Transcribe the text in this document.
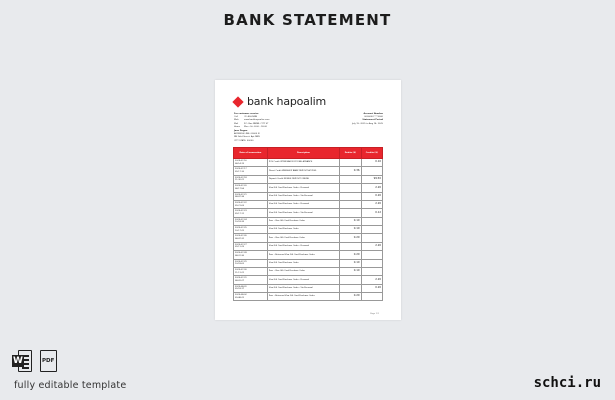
BANK STATEMENT
bank hapoalim
For customer service
Call	(1)-800-NNN
Web	www.bankhapoalim.com
Mail	P.O. Box NNNN, CITY ST
Hours Mon - Fri, 8:00 - 18:00
Jane Dugan
ADDRESS LINE, 00000 N
NN Field Street, Apt NNN
CITY STATE, 00000
Account Number
0000000****0000
Statement Period
July 15, 2025 to Aug 14, 2025
Date of transaction	Description	Debits ($)	Credits ($)

2025-07-16
08:14:19	POS Credit VITEN/SAROV POSTAL ADVANCE		0.10

2025-07-17
09:17:10	Direct Credit WEBSHOP BANK DEPOSIT ACCESS	0.36	

2025-07-18
11:30:21	Deposit Credit MOBILE DEPOSIT ONLINE		99.50

2025-07-20
08:17:56	Visa Gift Card Purchase Order - Personal		2.20

2025-07-21
08:47:36	Visa Gift Card Purchase Order - Via Personal		0.20

2025-07-22
09:21:05	Visa Gift Card Purchase Order - Personal		2.20

2025-07-23
09:17:11	Visa Gift Card Purchase Order - Via Personal		0.12

2025-07-24
10:18:33	Prov - Visa Gift Card Purchase Order	0.10	

2025-07-25
10:17:22	Visa Gift Card Purchase Order	0.10	

2025-07-26
08:47:31	Prov - Visa Gift Card Purchase Order	0.20	

2025-07-27
09:11:25	Visa Gift Card Purchase Order - Personal		2.20

2025-07-28
08:22:30	Prov - Returned Visa Gift Card Purchase Order	0.20	

2025-07-29
10:18:02	Visa Gift Card Purchase Order	0.10	

2025-07-30
11:11:21	Prov - Visa Gift Card Purchase Order	0.10	

2025-07-31
08:41:27	Visa Gift Card Purchase Order - Personal		2.20

2025-08-01
09:18:17	Visa Gift Card Purchase Order - Via Personal		0.20

2025-08-02
09:48:22	Prov - Returned Visa Gift Card Purchase Order	0.20	

Page 1/1
W	PDF
fully editable template	schci.ru
